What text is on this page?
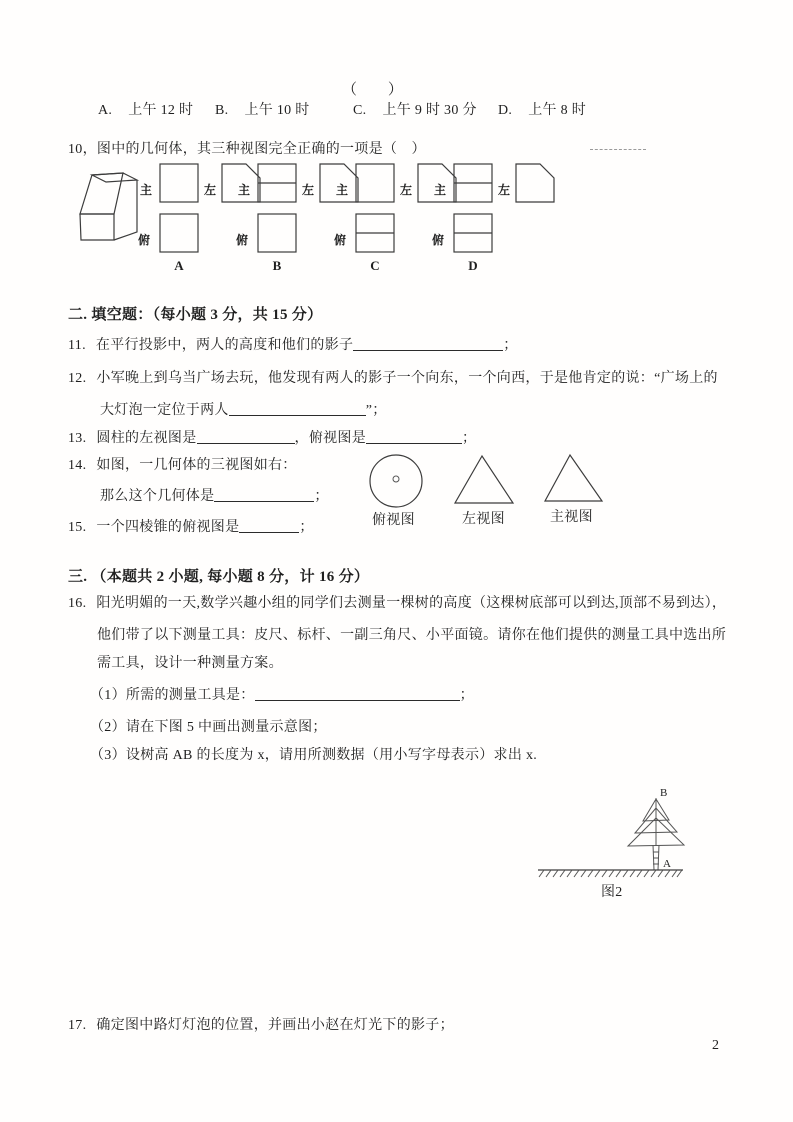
（　　）
A. 上午 12 时 B. 上午 10 时	C. 上午 9 时 30 分 D. 上午 8 时
10，图中的几何体，其三种视图完全正确的一项是（　）
主	左
俯
A
主	左
俯
B
主	左
俯
C
主	左
俯
D
二. 填空题：（每小题 3 分，共 15 分）
11. 在平行投影中，两人的高度和他们的影子	；
12. 小军晚上到乌当广场去玩，他发现有两人的影子一个向东，一个向西，于是他肯定的说：“广场上的
大灯泡一定位于两人	”；
13. 圆柱的左视图是	，俯视图是	；
14. 如图，一几何体的三视图如右：
那么这个几何体是	；
俯视图	左视图	主视图
15. 一个四棱锥的俯视图是	；
三. （本题共 2 小题, 每小题 8 分，计 16 分）
16. 阳光明媚的一天,数学兴趣小组的同学们去测量一棵树的高度（这棵树底部可以到达,顶部不易到达），
他们带了以下测量工具：皮尺、标杆、一副三角尺、小平面镜。请你在他们提供的测量工具中选出所
需工具，设计一种测量方案。
（1）所需的测量工具是：	；
（2）请在下图 5 中画出测量示意图；
（3）设树高 AB 的长度为 x，请用所测数据（用小写字母表示）求出 x.
B
A
图2
17. 确定图中路灯灯泡的位置，并画出小赵在灯光下的影子；
2
